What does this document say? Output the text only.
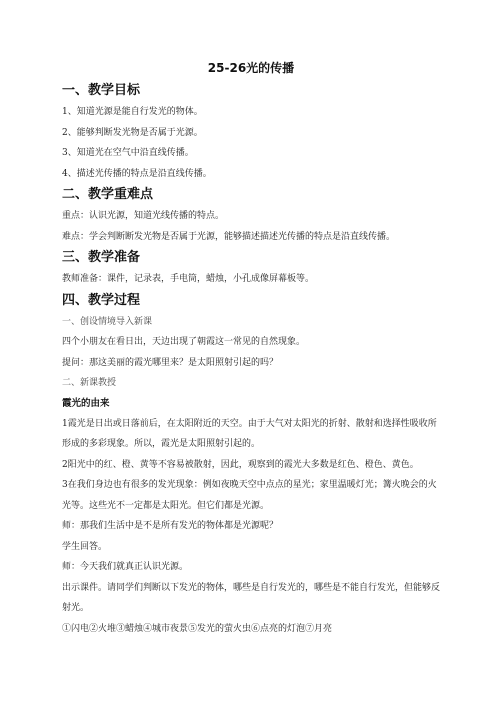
25-26光的传播
一、教学目标

1、知道光源是能自行发光的物体。

2、能够判断发光物是否属于光源。

3、知道光在空气中沿直线传播。

4、描述光传播的特点是沿直线传播。

二、教学重难点

重点：认识光源，知道光线传播的特点。

难点：学会判断断发光物是否属于光源，能够描述描述光传播的特点是沿直线传播。

三、教学准备

教师准备：课件，记录表，手电筒，蜡烛，小孔成像屏幕板等。

四、教学过程

一、创设情境导入新课

四个小朋友在看日出，天边出现了朝霞这一常见的自然现象。

提问：那这美丽的霞光哪里来？是太阳照射引起的吗？

二、新课教授

霞光的由来

1霞光是日出或日落前后，在太阳附近的天空。由于大气对太阳光的折射、散射和选择性吸收所形成的多彩现象。所以，霞光是太阳照射引起的。

2阳光中的红、橙、黄等不容易被散射，因此，观察到的霞光大多数是红色、橙色、黄色。

3在我们身边也有很多的发光现象：例如夜晚天空中点点的星光；家里温暖灯光；篝火晚会的火光等。这些光不一定都是太阳光。但它们都是光源。

师：那我们生活中是不是所有发光的物体都是光源呢？

学生回答。

师：今天我们就真正认识光源。

出示课件。请同学们判断以下发光的物体，哪些是自行发光的，哪些是不能自行发光，但能够反射光。

①闪电②火堆③蜡烛④城市夜景⑤发光的萤火虫⑥点亮的灯泡⑦月亮
